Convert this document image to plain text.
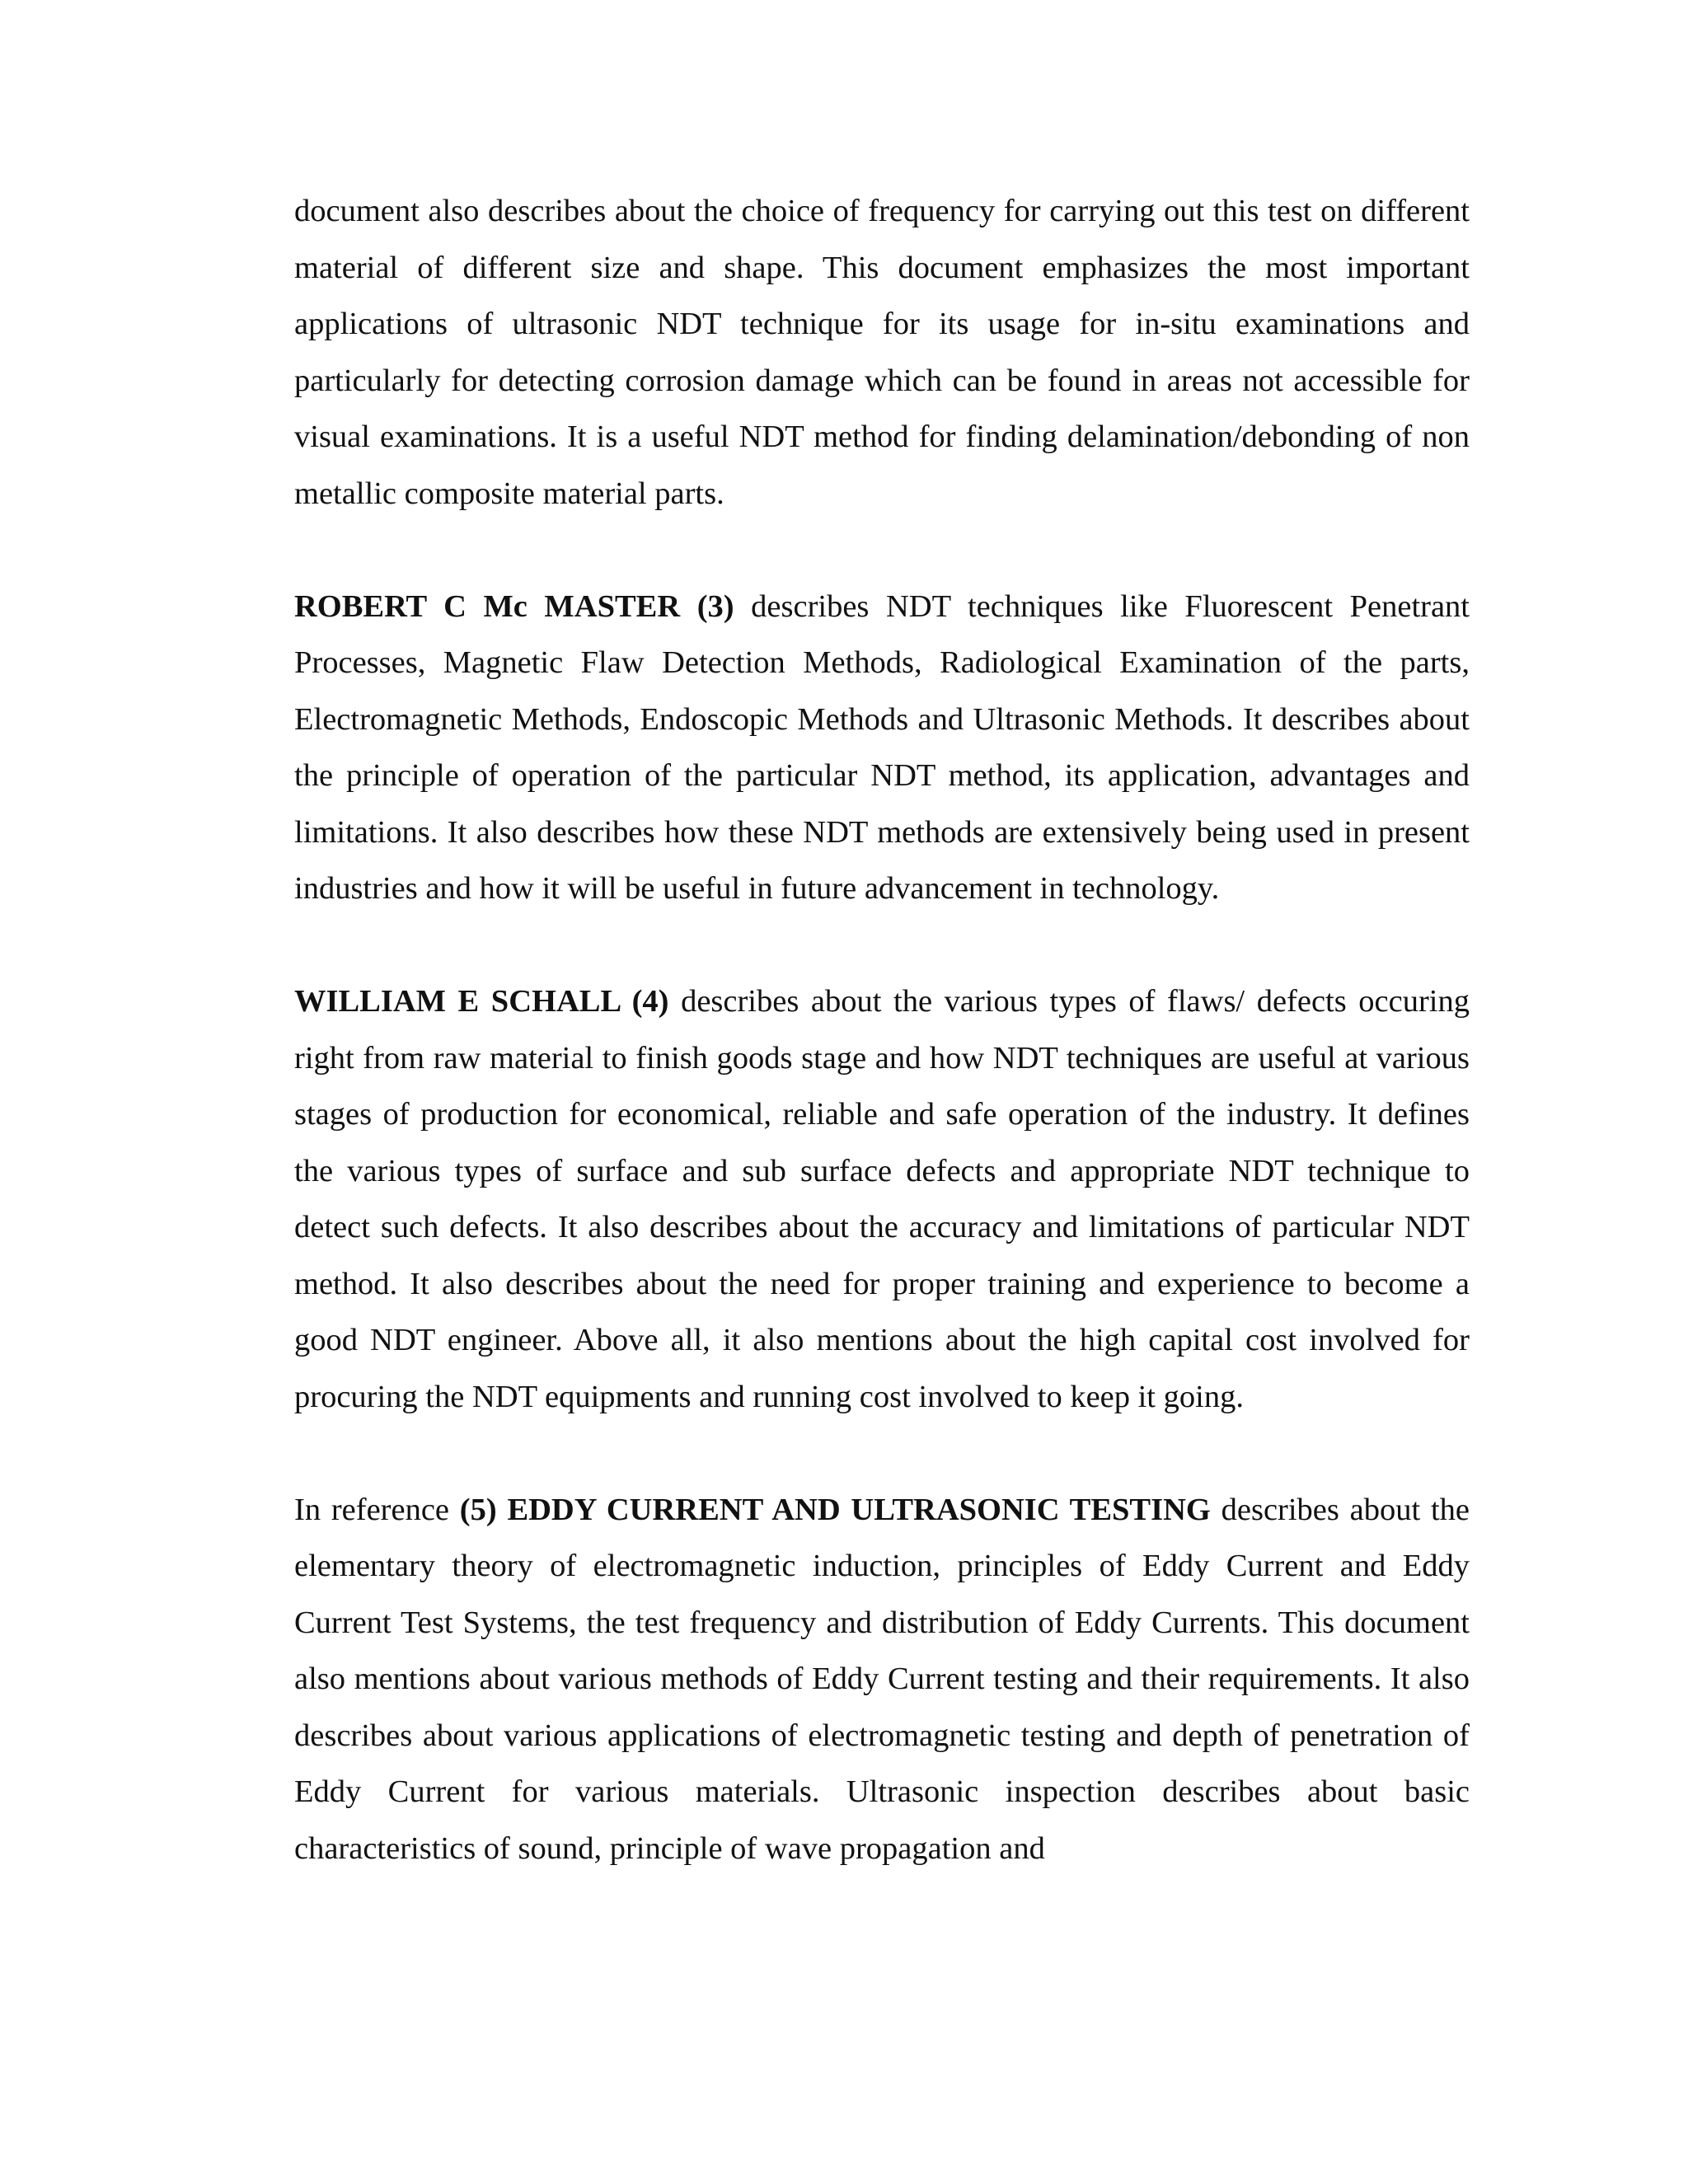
document also describes about the choice of frequency for carrying out this test on different material of different size and shape. This document emphasizes the most important applications of ultrasonic NDT technique for its usage for in-situ examinations and particularly for detecting corrosion damage which can be found in areas not accessible for visual examinations. It is a useful NDT method for finding delamination/debonding of non metallic composite material parts.

ROBERT C Mc MASTER (3) describes NDT techniques like Fluorescent Penetrant Processes, Magnetic Flaw Detection Methods, Radiological Examination of the parts, Electromagnetic Methods, Endoscopic Methods and Ultrasonic Methods. It describes about the principle of operation of the particular NDT method, its application, advantages and limitations. It also describes how these NDT methods are extensively being used in present industries and how it will be useful in future advancement in technology.

WILLIAM E SCHALL (4) describes about the various types of flaws/ defects occuring right from raw material to finish goods stage and how NDT techniques are useful at various stages of production for economical, reliable and safe operation of the industry. It defines the various types of surface and sub surface defects and appropriate NDT technique to detect such defects. It also describes about the accuracy and limitations of particular NDT method. It also describes about the need for proper training and experience to become a good NDT engineer. Above all, it also mentions about the high capital cost involved for procuring the NDT equipments and running cost involved to keep it going.

In reference (5) EDDY CURRENT AND ULTRASONIC TESTING describes about the elementary theory of electromagnetic induction, principles of Eddy Current and Eddy Current Test Systems, the test frequency and distribution of Eddy Currents. This document also mentions about various methods of Eddy Current testing and their requirements. It also describes about various applications of electromagnetic testing and depth of penetration of Eddy Current for various materials. Ultrasonic inspection describes about basic characteristics of sound, principle of wave propagation and
